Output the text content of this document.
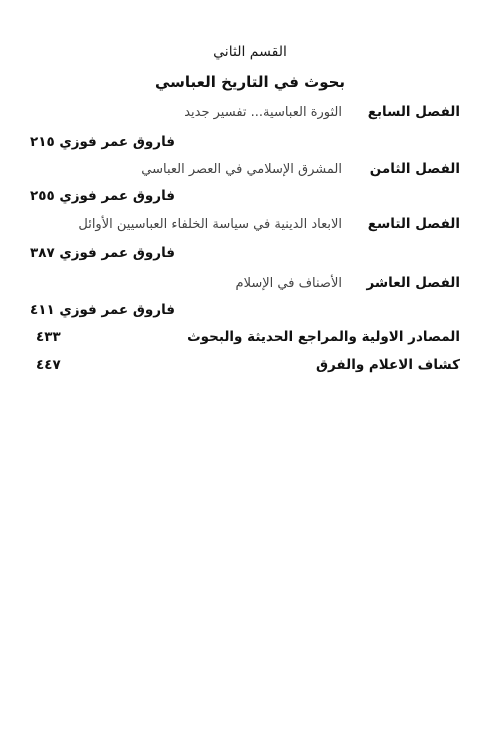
القسم الثاني
بحوث في التاريخ العباسي
الفصل السابع
الثورة العباسية... تفسير جديد
فاروق عمر فوزي
٢١٥
الفصل الثامن
المشرق الإسلامي في العصر العباسي
فاروق عمر فوزي
٢٥٥
الفصل التاسع
الابعاد الدينية في سياسة الخلفاء العباسيين الأوائل
فاروق عمر فوزي
٣٨٧
الفصل العاشر
الأصناف في الإسلام
فاروق عمر فوزي
٤١١
المصادر الاولية والمراجع الحديثة والبحوث
٤٣٣
كشاف الاعلام والفرق
٤٤٧
